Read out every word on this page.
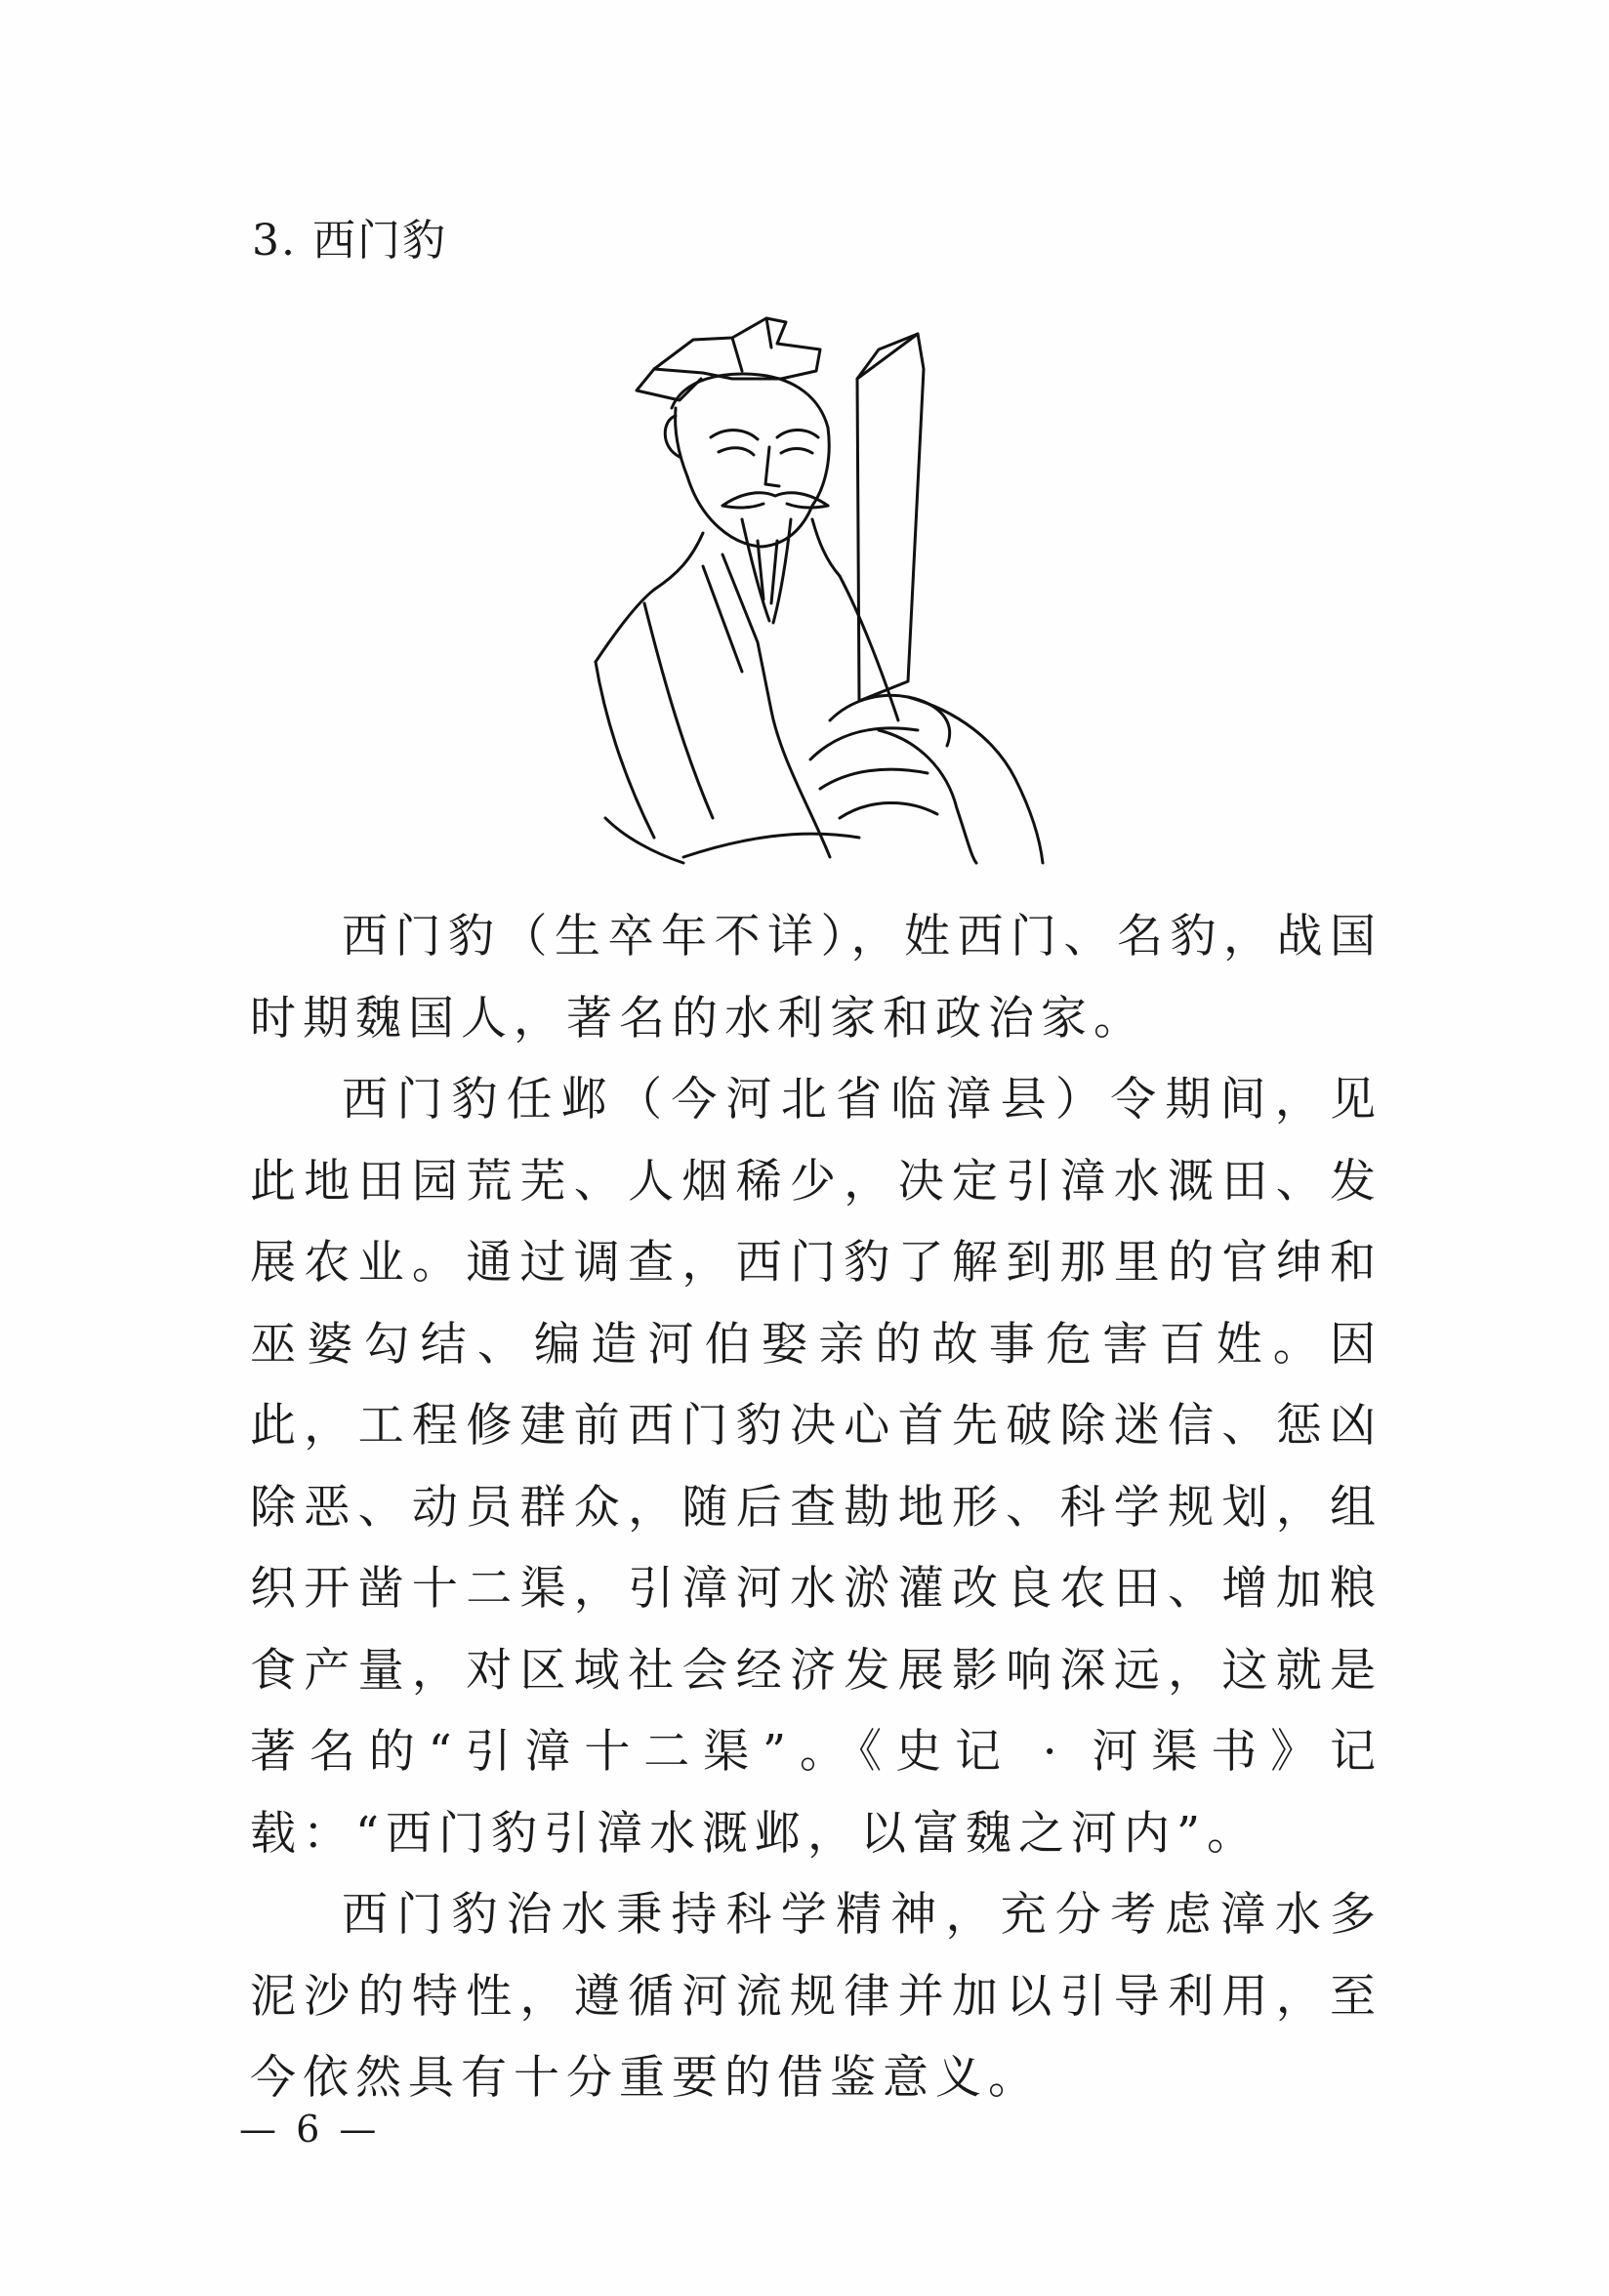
3. 西门豹

西门豹（生卒年不详），姓西门、名豹，战国时期魏国人，著名的水利家和政治家。

西门豹任邺（今河北省临漳县）令期间，见此地田园荒芜、人烟稀少，决定引漳水溉田、发展农业。通过调查，西门豹了解到那里的官绅和巫婆勾结、编造河伯娶亲的故事危害百姓。因此，工程修建前西门豹决心首先破除迷信、惩凶除恶、动员群众，随后查勘地形、科学规划，组织开凿十二渠，引漳河水淤灌改良农田、增加粮食产量，对区域社会经济发展影响深远，这就是著名的“引漳十二渠”。《史记 · 河渠书》记载：“西门豹引漳水溉邺，以富魏之河内”。

西门豹治水秉持科学精神，充分考虑漳水多泥沙的特性，遵循河流规律并加以引导利用，至今依然具有十分重要的借鉴意义。

— 6 —
